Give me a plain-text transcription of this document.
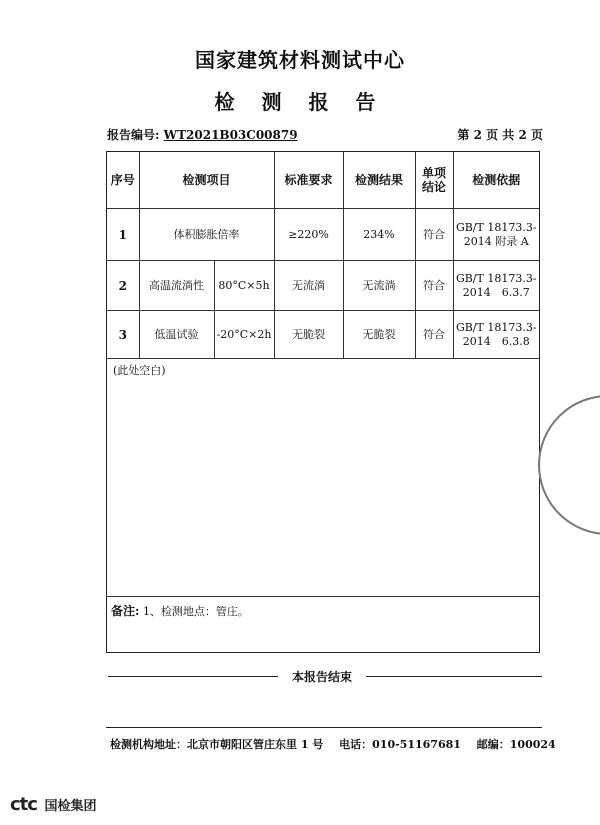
国家建筑材料测试中心
检 测 报 告
报告编号: WT2021B03C00879	第 2 页 共 2 页
序号	检测项目		标准要求	检测结果	单项结论	检测依据
1	体积膨胀倍率		≥220%	234%	符合	GB/T 18173.3-2014 附录 A
2	高温流淌性	80°C×5h	无流淌	无流淌	符合	GB/T 18173.3-2014　6.3.7
3	低温试验	-20°C×2h	无脆裂	无脆裂	符合	GB/T 18173.3-2014　6.3.8
(此处空白)
备注: 1、检测地点：管庄。
本报告结束
检测机构地址：北京市朝阳区管庄东里 1 号 电话：010-51167681 邮编：100024
ctc 国检集团
